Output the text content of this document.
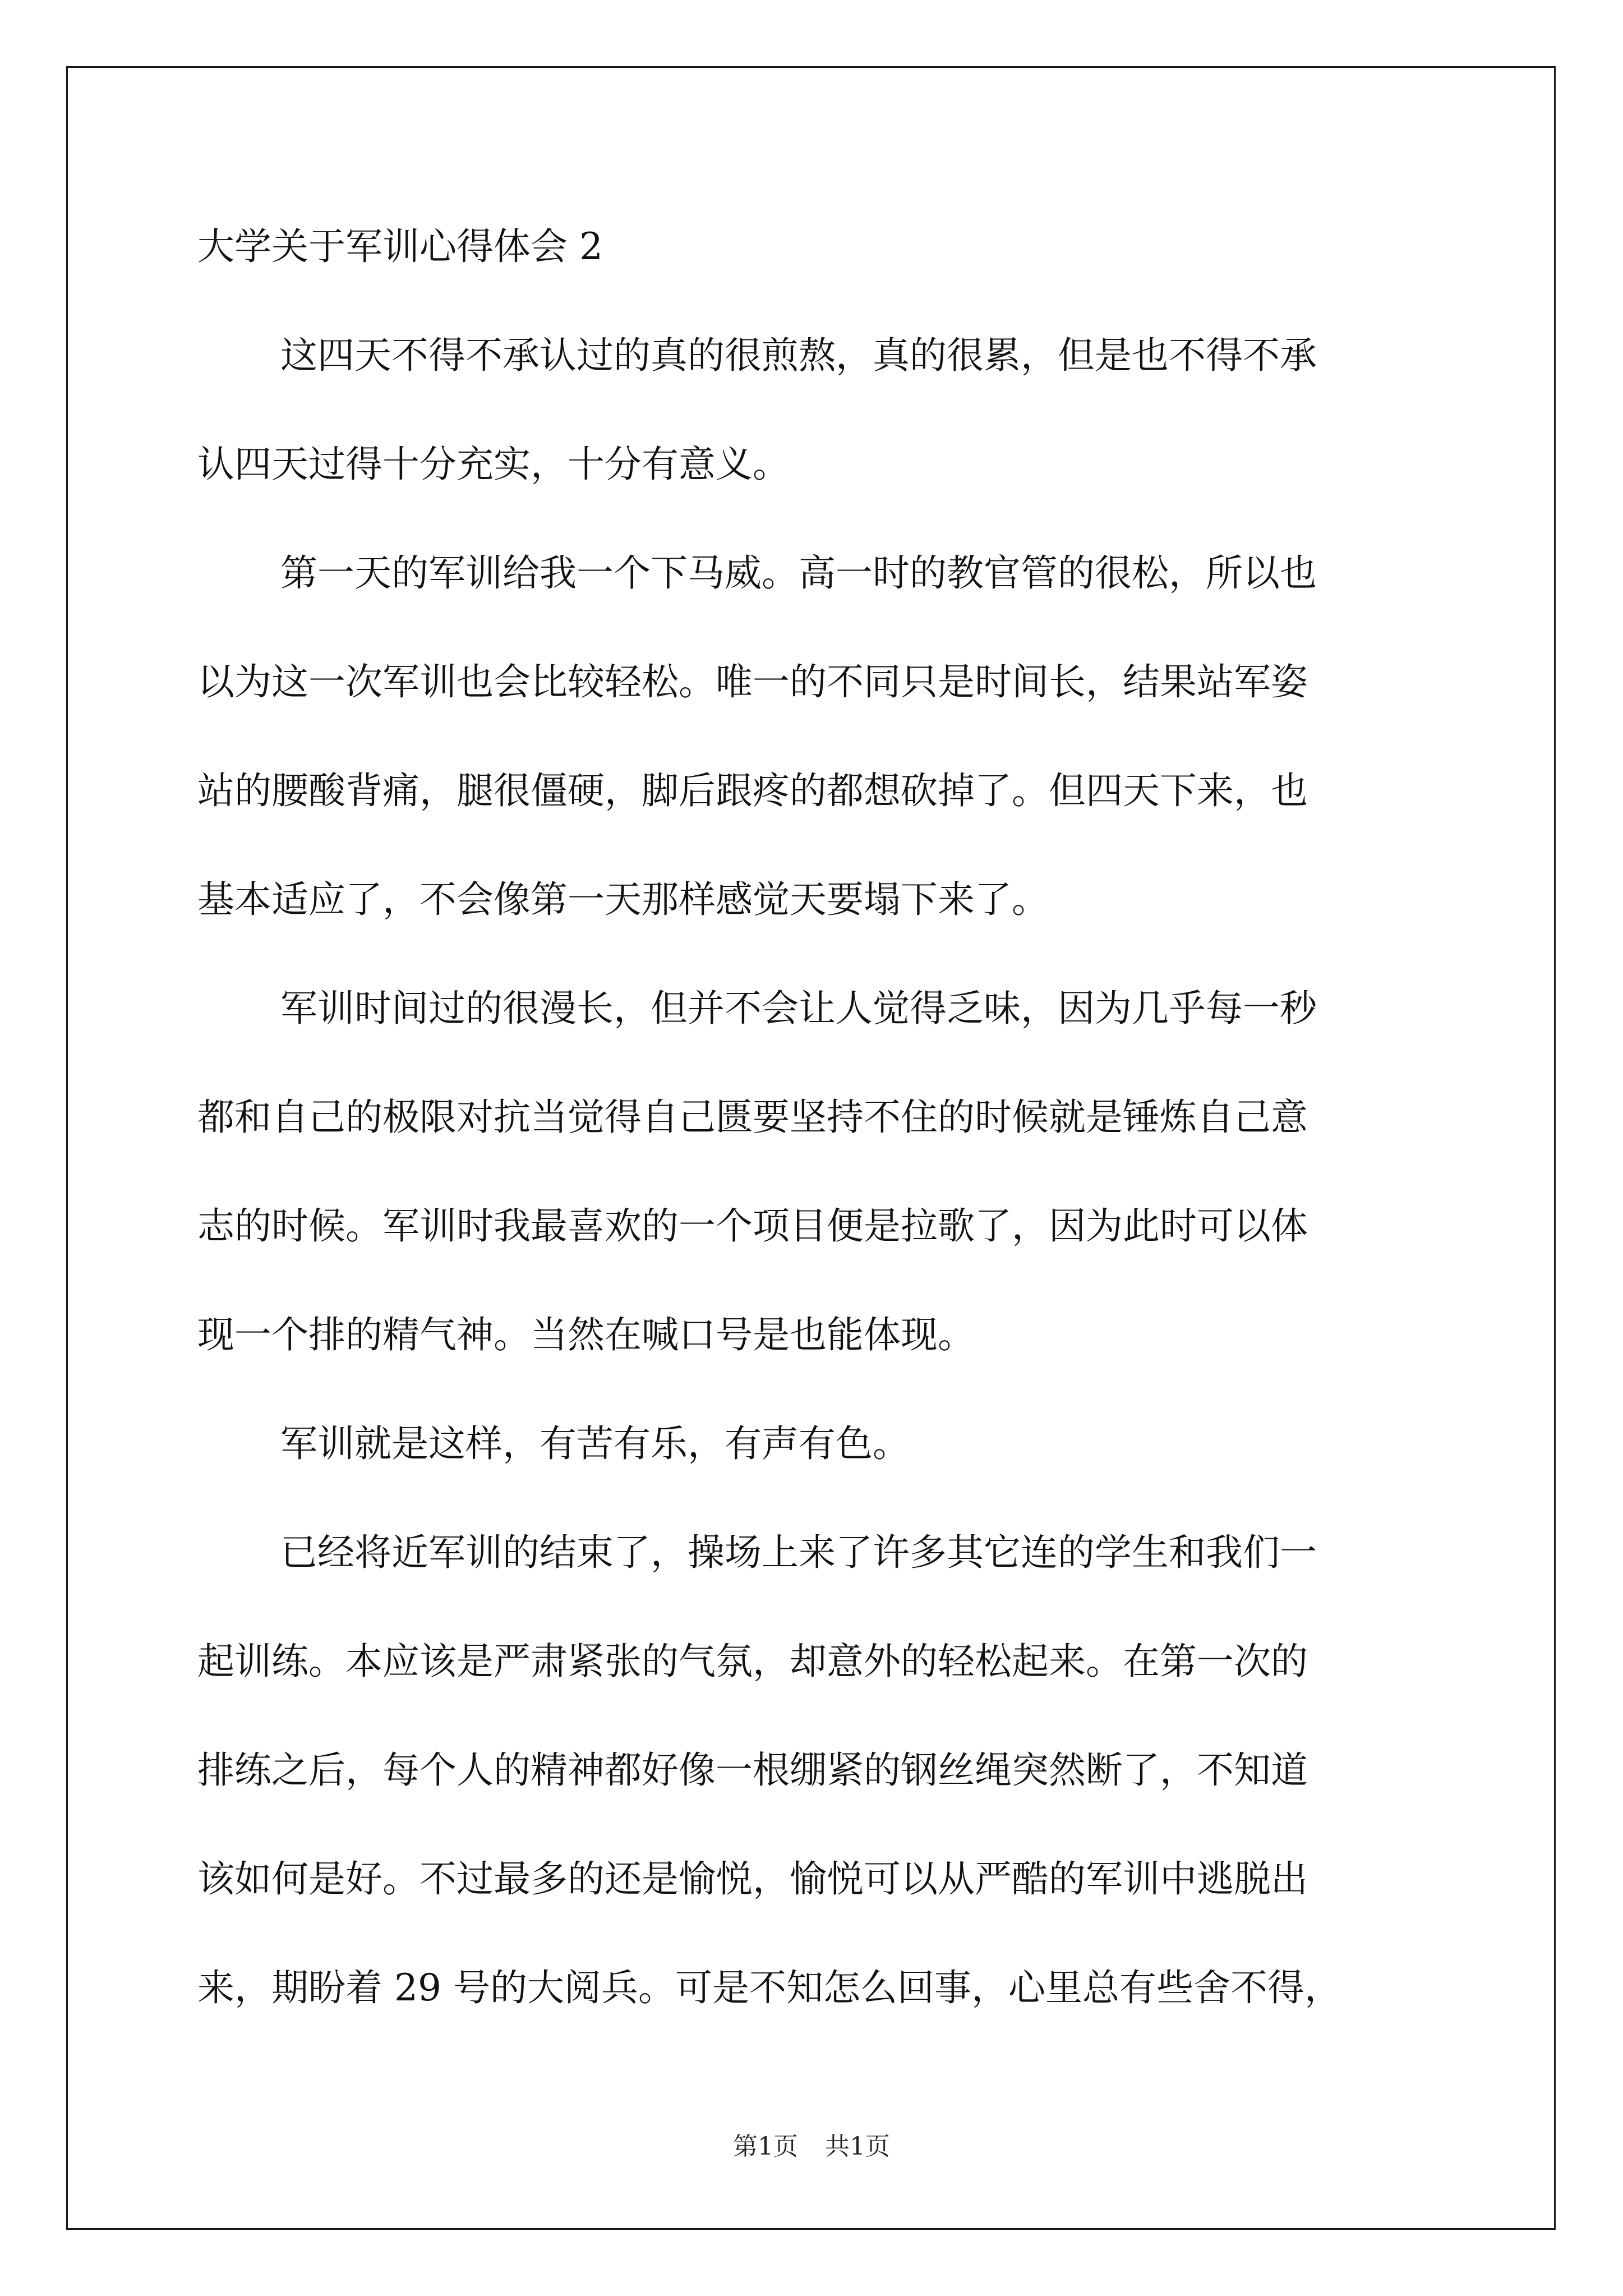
大学关于军训心得体会 2
这四天不得不承认过的真的很煎熬，真的很累，但是也不得不承
认四天过得十分充实，十分有意义。
第一天的军训给我一个下马威。高一时的教官管的很松，所以也
以为这一次军训也会比较轻松。唯一的不同只是时间长，结果站军姿
站的腰酸背痛，腿很僵硬，脚后跟疼的都想砍掉了。但四天下来，也
基本适应了，不会像第一天那样感觉天要塌下来了。
军训时间过的很漫长，但并不会让人觉得乏味，因为几乎每一秒
都和自己的极限对抗当觉得自己匮要坚持不住的时候就是锤炼自己意
志的时候。军训时我最喜欢的一个项目便是拉歌了，因为此时可以体
现一个排的精气神。当然在喊口号是也能体现。
军训就是这样，有苦有乐，有声有色。
已经将近军训的结束了，操场上来了许多其它连的学生和我们一
起训练。本应该是严肃紧张的气氛，却意外的轻松起来。在第一次的
排练之后，每个人的精神都好像一根绷紧的钢丝绳突然断了，不知道
该如何是好。不过最多的还是愉悦，愉悦可以从严酷的军训中逃脱出
来，期盼着 29 号的大阅兵。可是不知怎么回事，心里总有些舍不得，
第1页 共1页
